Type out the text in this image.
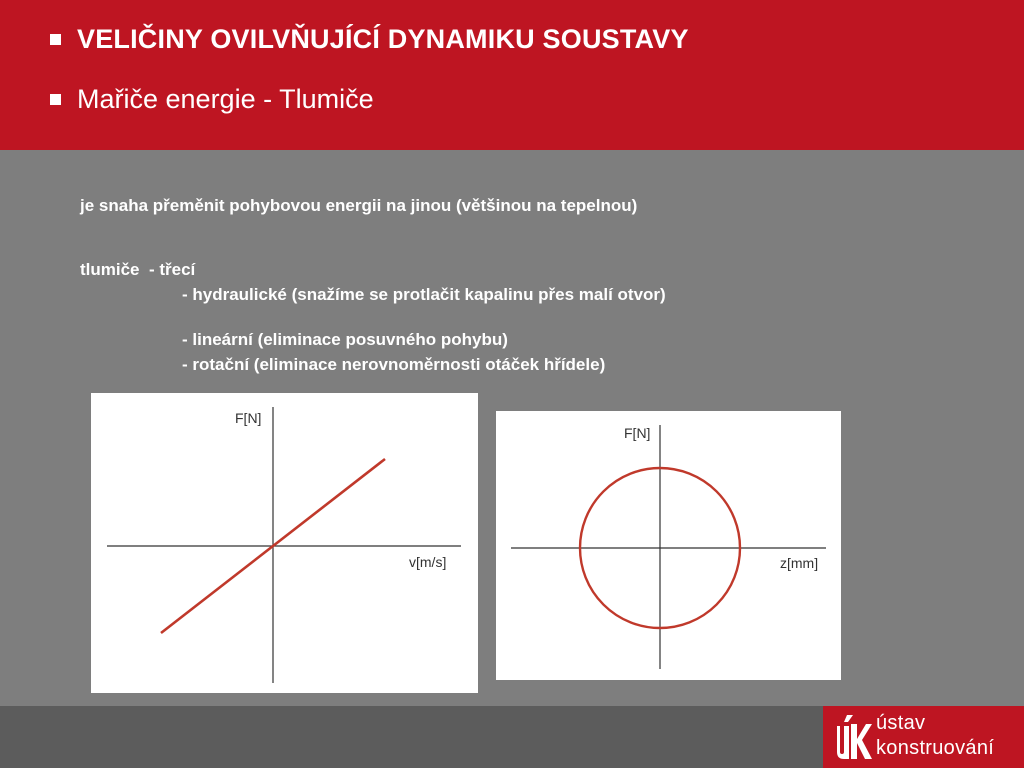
VELIČINY OVILVŇUJÍCÍ DYNAMIKU SOUSTAVY
Mařiče energie - Tlumiče
je snaha přeměnit pohybovou energii na jinou (většinou na tepelnou)
tlumiče  - třecí
- hydraulické (snažíme se protlačit kapalinu přes malí otvor)
- lineární (eliminace posuvného pohybu)
- rotační (eliminace nerovnoměrnosti otáček hřídele)
F[N]
v[m/s]
F[N]
z[mm]
ústav
konstruování
